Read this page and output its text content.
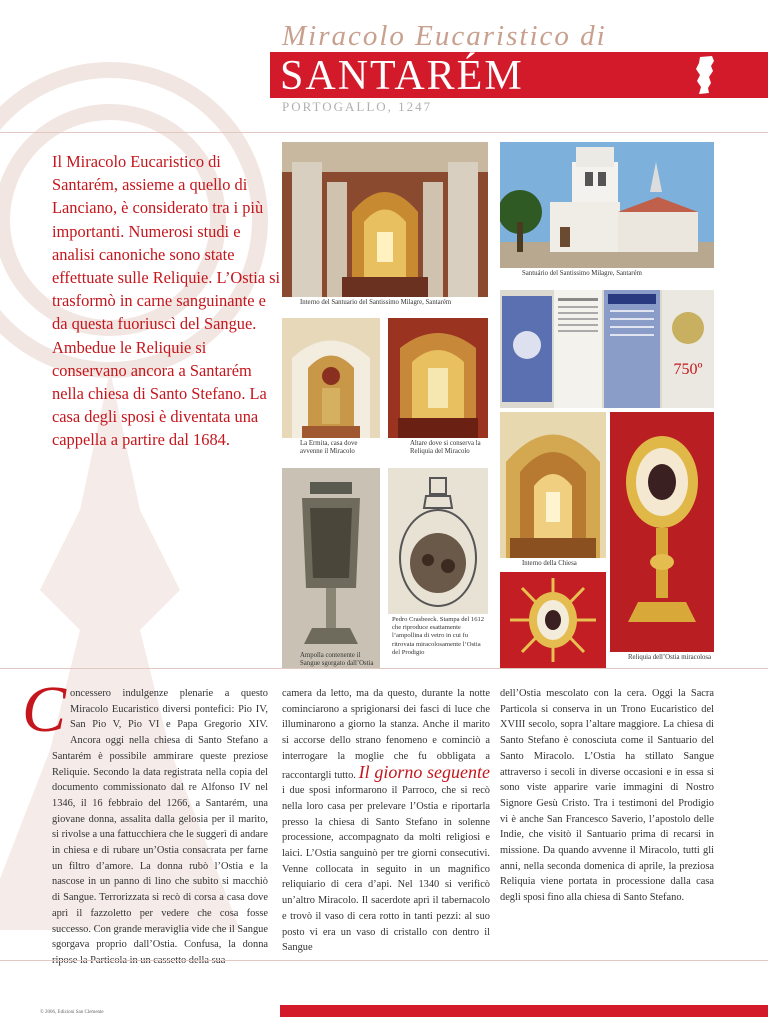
Miracolo Eucaristico di
SANTARÉM
PORTOGALLO, 1247
Il Miracolo Eucaristico di Santarém, assieme a quello di Lanciano, è considerato tra i più importanti. Numerosi studi e analisi canoniche sono state effettuate sulle Reliquie. L’Ostia si trasformò in carne sanguinante e da questa fuoriuscì del Sangue. Ambedue le Reliquie si conservano ancora a Santarém nella chiesa di Santo Stefano. La casa degli sposi è diventata una cappella a partire dal 1684.
Interno del Santuario del Santissimo Milagre, Santarém
Santuário del Santissimo Milagre, Santarém
750º
La Ermita, casa dove avvenne il Miracolo
Altare dove si conserva la Reliquia del Miracolo
Ampolla contenente il Sangue sgorgato dall’Ostia
Pedro Crasbeeck. Stampa del 1612 che riproduce esattamente l’ampollina di vetro in cui fu ritrovata miracolosamente l’Ostia del Prodigio
Interno della Chiesa
Reliquia dell’Ostia miracolosa
C oncessero indulgenze plenarie a questo Miracolo Eucaristico diversi pontefici: Pio IV, San Pio V, Pio VI e Papa Gregorio XIV. Ancora oggi nella chiesa di Santo Stefano a Santarém è possibile ammirare queste preziose Reliquie. Secondo la data registrata nella copia del documento commissionato dal re Alfonso IV nel 1346, il 16 febbraio del 1266, a Santarém, una giovane donna, assalita dalla gelosia per il marito, si rivolse a una fattucchiera che le suggerì di andare in chiesa e di rubare un’Ostia consacrata per farne un filtro d’amore. La donna rubò l’Ostia e la nascose in un panno di lino che subito si macchiò di Sangue. Terrorizzata si recò di corsa a casa dove aprì il fazzoletto per vedere che cosa fosse successo. Con grande meraviglia vide che il Sangue sgorgava proprio dall’Ostia. Confusa, la donna
camera da letto, ma da questo, durante la notte cominciarono a sprigionarsi dei fasci di luce che illuminarono a giorno la stanza. Anche il marito si accorse dello strano fenomeno e cominciò a interrogare la moglie che fu obbligata a raccontargli tutto. Il giorno seguente i due sposi informarono il Parroco, che si recò nella loro casa per prelevare l’Ostia e riportarla presso la chiesa di Santo Stefano in solenne processione, accompagnato da molti religiosi e laici. L’Ostia sanguinò per tre giorni consecutivi. Venne collocata in seguito in un magnifico reliquiario di cera d’api. Nel 1340 si verificò un’altro Miracolo. Il sacerdote aprì il tabernacolo e trovò il vaso di cera rotto in tanti pezzi: al suo posto vi era un vaso di cristallo con dentro il Sangue
dell’Ostia mescolato con la cera. Oggi la Sacra Particola si conserva in un Trono Eucaristico del XVIII secolo, sopra l’altare maggiore. La chiesa di Santo Stefano è conosciuta come il Santuario del Santo Miracolo. L’Ostia ha stillato Sangue attraverso i secoli in diverse occasioni e in essa si sono viste apparire varie immagini di Nostro Signore Gesù Cristo. Tra i testimoni del Prodigio vi è anche San Francesco Saverio, l’apostolo delle Indie, che visitò il Santuario prima di recarsi in missione. Da quando avvenne il Miracolo, tutti gli anni, nella seconda domenica di aprile, la preziosa Reliquia viene portata in processione dalla casa degli sposi fino alla chiesa di Santo Stefano.
© 2006, Edizioni San Clemente
